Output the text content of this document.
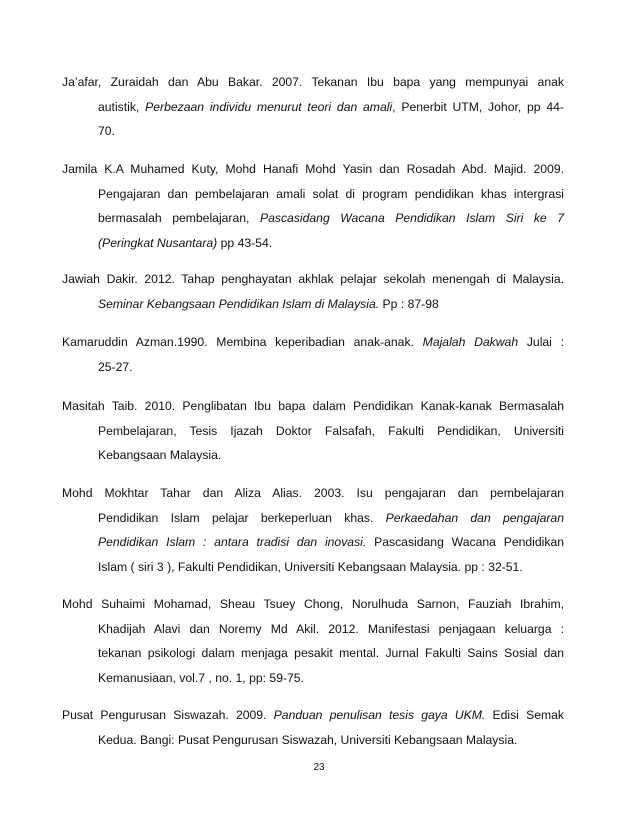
Ja’afar, Zuraidah dan Abu Bakar. 2007. Tekanan Ibu bapa yang mempunyai anak
autistik, Perbezaan individu menurut teori dan amali, Penerbit UTM, Johor, pp 44-
70.
Jamila K.A Muhamed Kuty, Mohd Hanafi Mohd Yasin dan Rosadah Abd. Majid. 2009.
Pengajaran dan pembelajaran amali solat di program pendidikan khas intergrasi
bermasalah pembelajaran, Pascasidang Wacana Pendidikan Islam Siri ke 7
(Peringkat Nusantara) pp 43-54.
Jawiah Dakir. 2012. Tahap penghayatan akhlak pelajar sekolah menengah di Malaysia.
Seminar Kebangsaan Pendidikan Islam di Malaysia. Pp : 87-98
Kamaruddin Azman.1990. Membina keperibadian anak-anak. Majalah Dakwah Julai :
25-27.
Masitah Taib. 2010. Penglibatan Ibu bapa dalam Pendidikan Kanak-kanak Bermasalah
Pembelajaran, Tesis Ijazah Doktor Falsafah, Fakulti Pendidikan, Universiti
Kebangsaan Malaysia.
Mohd Mokhtar Tahar dan Aliza Alias. 2003. Isu pengajaran dan pembelajaran
Pendidikan Islam pelajar berkeperluan khas. Perkaedahan dan pengajaran
Pendidikan Islam : antara tradisi dan inovasi. Pascasidang Wacana Pendidikan
Islam ( siri 3 ), Fakulti Pendidikan, Universiti Kebangsaan Malaysia. pp : 32-51.
Mohd Suhaimi Mohamad, Sheau Tsuey Chong, Norulhuda Sarnon, Fauziah Ibrahim,
Khadijah Alavi dan Noremy Md Akil. 2012. Manifestasi penjagaan keluarga :
tekanan psikologi dalam menjaga pesakit mental. Jurnal Fakulti Sains Sosial dan
Kemanusiaan, vol.7 , no. 1, pp: 59-75.
Pusat Pengurusan Siswazah. 2009. Panduan penulisan tesis gaya UKM. Edisi Semak
Kedua. Bangi: Pusat Pengurusan Siswazah, Universiti Kebangsaan Malaysia.
23
